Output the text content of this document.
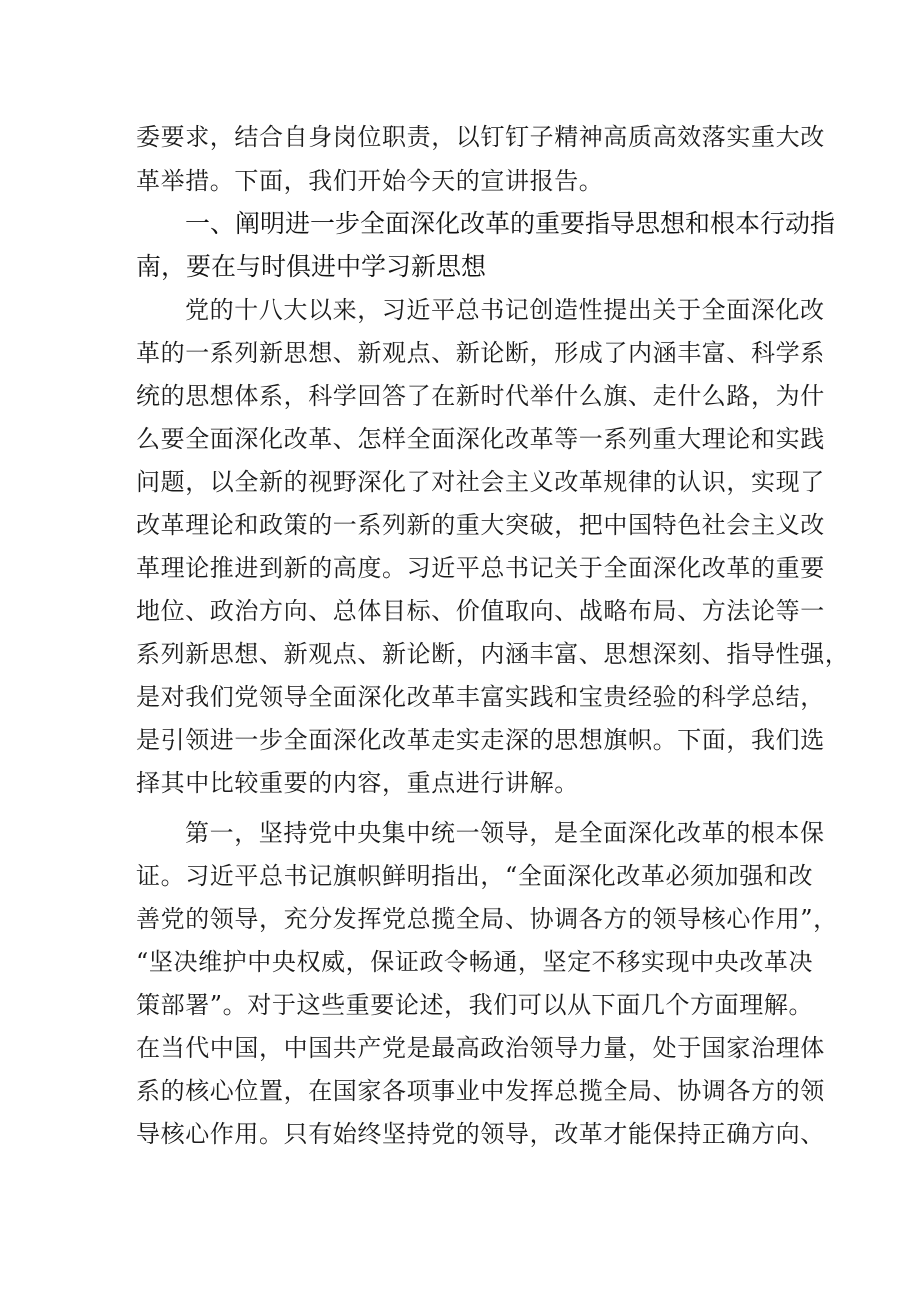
委要求，结合自身岗位职责，以钉钉子精神高质高效落实重大改
革举措。下面，我们开始今天的宣讲报告。
一、阐明进一步全面深化改革的重要指导思想和根本行动指
南，要在与时俱进中学习新思想
党的十八大以来，习近平总书记创造性提出关于全面深化改
革的一系列新思想、新观点、新论断，形成了内涵丰富、科学系
统的思想体系，科学回答了在新时代举什么旗、走什么路，为什
么要全面深化改革、怎样全面深化改革等一系列重大理论和实践
问题，以全新的视野深化了对社会主义改革规律的认识，实现了
改革理论和政策的一系列新的重大突破，把中国特色社会主义改
革理论推进到新的高度。习近平总书记关于全面深化改革的重要
地位、政治方向、总体目标、价值取向、战略布局、方法论等一
系列新思想、新观点、新论断，内涵丰富、思想深刻、指导性强，
是对我们党领导全面深化改革丰富实践和宝贵经验的科学总结，
是引领进一步全面深化改革走实走深的思想旗帜。下面，我们选
择其中比较重要的内容，重点进行讲解。
第一，坚持党中央集中统一领导，是全面深化改革的根本保
证。习近平总书记旗帜鲜明指出，“全面深化改革必须加强和改
善党的领导，充分发挥党总揽全局、协调各方的领导核心作用”，
“坚决维护中央权威，保证政令畅通，坚定不移实现中央改革决
策部署”。对于这些重要论述，我们可以从下面几个方面理解。
在当代中国，中国共产党是最高政治领导力量，处于国家治理体
系的核心位置，在国家各项事业中发挥总揽全局、协调各方的领
导核心作用。只有始终坚持党的领导，改革才能保持正确方向、
